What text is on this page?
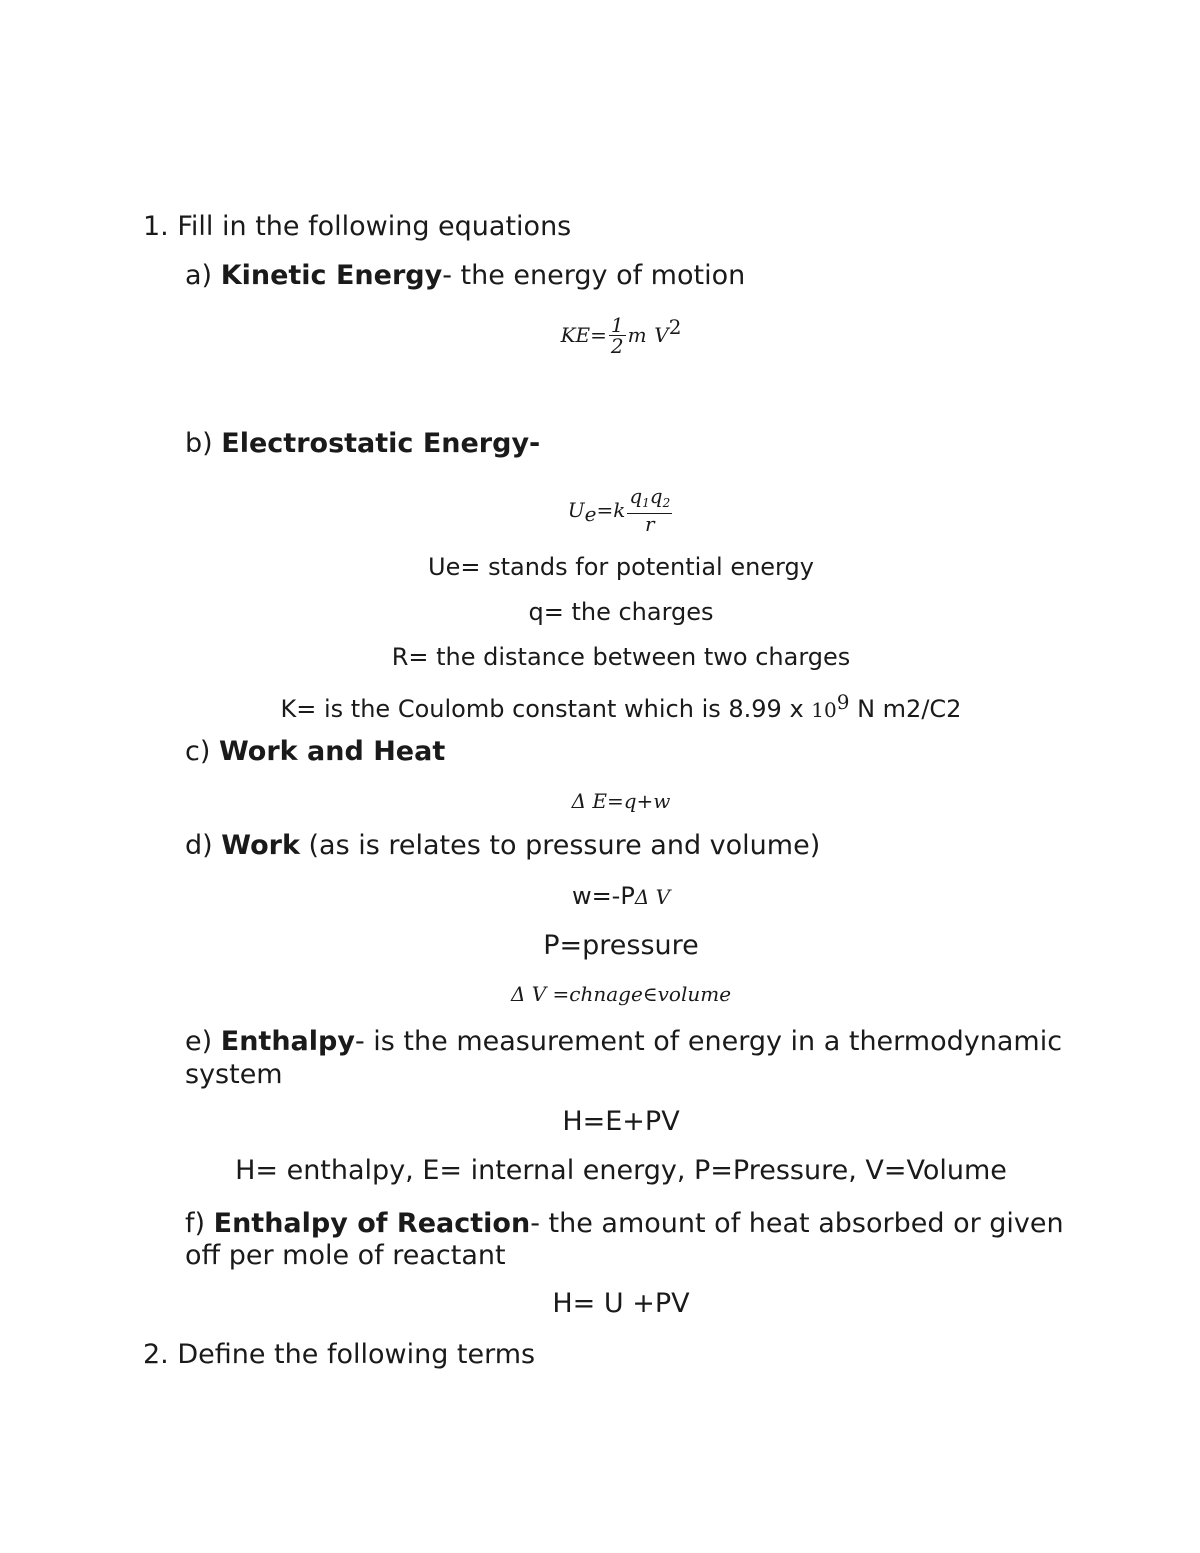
1. Fill in the following equations
a) Kinetic Energy- the energy of motion
$KE= \frac{1}{2}$ m $V^2$
b) Electrostatic Energy-
$U_e=k \frac{q_1q_2}{r}$
Ue= stands for potential energy
q= the charges
R= the distance between two charges
K= is the Coulomb constant which is 8.99 x $10^9$ N m2/C2
c) Work and Heat
Δ E=q+w
d) Work (as is relates to pressure and volume)
w=-PΔ V
P=pressure
Δ V =chnage∈volume
e) Enthalpy- is the measurement of energy in a thermodynamic
system
H=E+PV
H= enthalpy, E= internal energy, P=Pressure, V=Volume
f) Enthalpy of Reaction- the amount of heat absorbed or given
off per mole of reactant
H= U +PV
2. Define the following terms
